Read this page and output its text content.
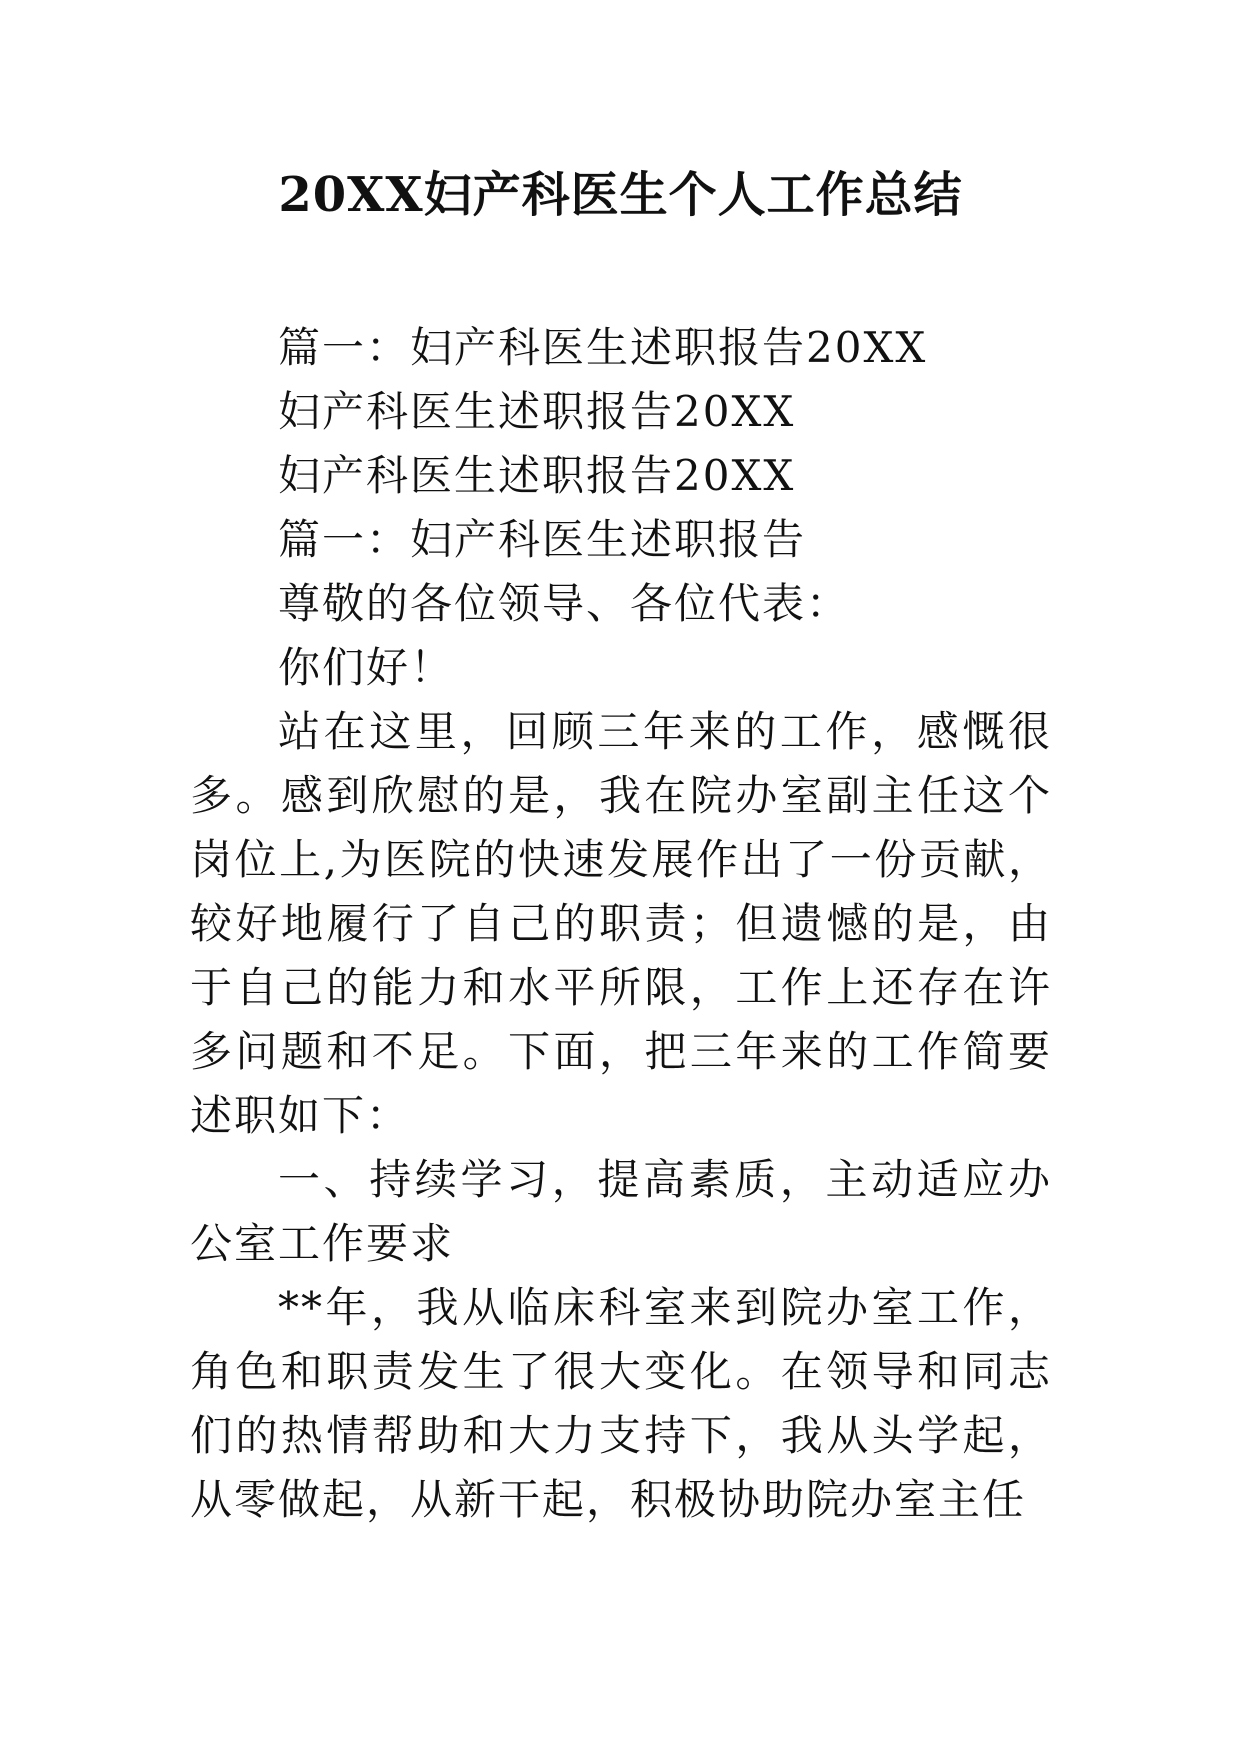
20XX妇产科医生个人工作总结

篇一：妇产科医生述职报告20XX

妇产科医生述职报告20XX

妇产科医生述职报告20XX

篇一：妇产科医生述职报告

尊敬的各位领导、各位代表：

你们好！

站在这里，回顾三年来的工作，感慨很多。感到欣慰的是，我在院办室副主任这个岗位上,为医院的快速发展作出了一份贡献，较好地履行了自己的职责；但遗憾的是，由于自己的能力和水平所限，工作上还存在许多问题和不足。下面，把三年来的工作简要述职如下：

一、持续学习，提高素质，主动适应办公室工作要求

**年，我从临床科室来到院办室工作，角色和职责发生了很大变化。在领导和同志们的热情帮助和大力支持下，我从头学起，从零做起，从新干起，积极协助院办室主任
